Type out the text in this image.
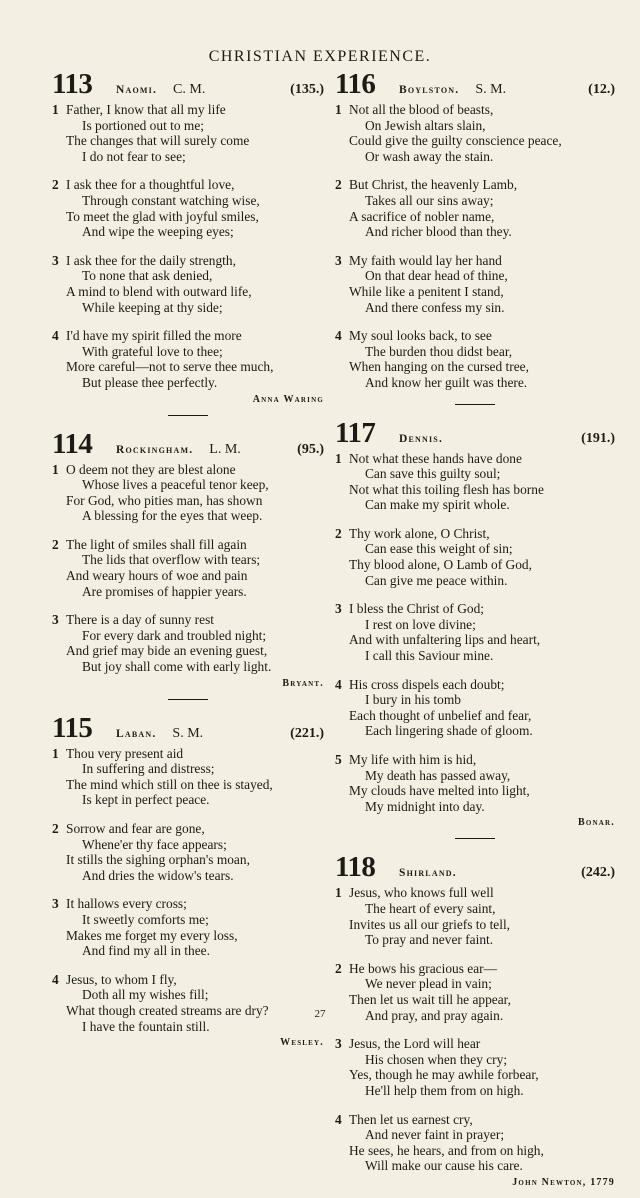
CHRISTIAN EXPERIENCE.
113	Naomi. C. M.	(135.)
1 Father, I know that all my life
Is portioned out to me;
The changes that will surely come
I do not fear to see;
2 I ask thee for a thoughtful love,
Through constant watching wise,
To meet the glad with joyful smiles,
And wipe the weeping eyes;
3 I ask thee for the daily strength,
To none that ask denied,
A mind to blend with outward life,
While keeping at thy side;
4 I'd have my spirit filled the more
With grateful love to thee;
More careful—not to serve thee much,
But please thee perfectly.
Anna Waring
114	Rockingham. L. M.	(95.)
1 O deem not they are blest alone
Whose lives a peaceful tenor keep,
For God, who pities man, has shown
A blessing for the eyes that weep.
2 The light of smiles shall fill again
The lids that overflow with tears;
And weary hours of woe and pain
Are promises of happier years.
3 There is a day of sunny rest
For every dark and troubled night;
And grief may bide an evening guest,
But joy shall come with early light.
Bryant.
115	Laban. S. M.	(221.)
1 Thou very present aid
In suffering and distress;
The mind which still on thee is stayed,
Is kept in perfect peace.
2 Sorrow and fear are gone,
Whene'er thy face appears;
It stills the sighing orphan's moan,
And dries the widow's tears.
3 It hallows every cross;
It sweetly comforts me;
Makes me forget my every loss,
And find my all in thee.
4 Jesus, to whom I fly,
Doth all my wishes fill;
What though created streams are dry?
I have the fountain still.
Wesley.
116	Boylston. S. M.	(12.)
1 Not all the blood of beasts,
On Jewish altars slain,
Could give the guilty conscience peace,
Or wash away the stain.
2 But Christ, the heavenly Lamb,
Takes all our sins away;
A sacrifice of nobler name,
And richer blood than they.
3 My faith would lay her hand
On that dear head of thine,
While like a penitent I stand,
And there confess my sin.
4 My soul looks back, to see
The burden thou didst bear,
When hanging on the cursed tree,
And know her guilt was there.
117	Dennis.	(191.)
1 Not what these hands have done
Can save this guilty soul;
Not what this toiling flesh has borne
Can make my spirit whole.
2 Thy work alone, O Christ,
Can ease this weight of sin;
Thy blood alone, O Lamb of God,
Can give me peace within.
3 I bless the Christ of God;
I rest on love divine;
And with unfaltering lips and heart,
I call this Saviour mine.
4 His cross dispels each doubt;
I bury in his tomb
Each thought of unbelief and fear,
Each lingering shade of gloom.
5 My life with him is hid,
My death has passed away,
My clouds have melted into light,
My midnight into day.
Bonar.
118	Shirland.	(242.)
1 Jesus, who knows full well
The heart of every saint,
Invites us all our griefs to tell,
To pray and never faint.
2 He bows his gracious ear—
We never plead in vain;
Then let us wait till he appear,
And pray, and pray again.
3 Jesus, the Lord will hear
His chosen when they cry;
Yes, though he may awhile forbear,
He'll help them from on high.
4 Then let us earnest cry,
And never faint in prayer;
He sees, he hears, and from on high,
Will make our cause his care.
John Newton, 1779
27
